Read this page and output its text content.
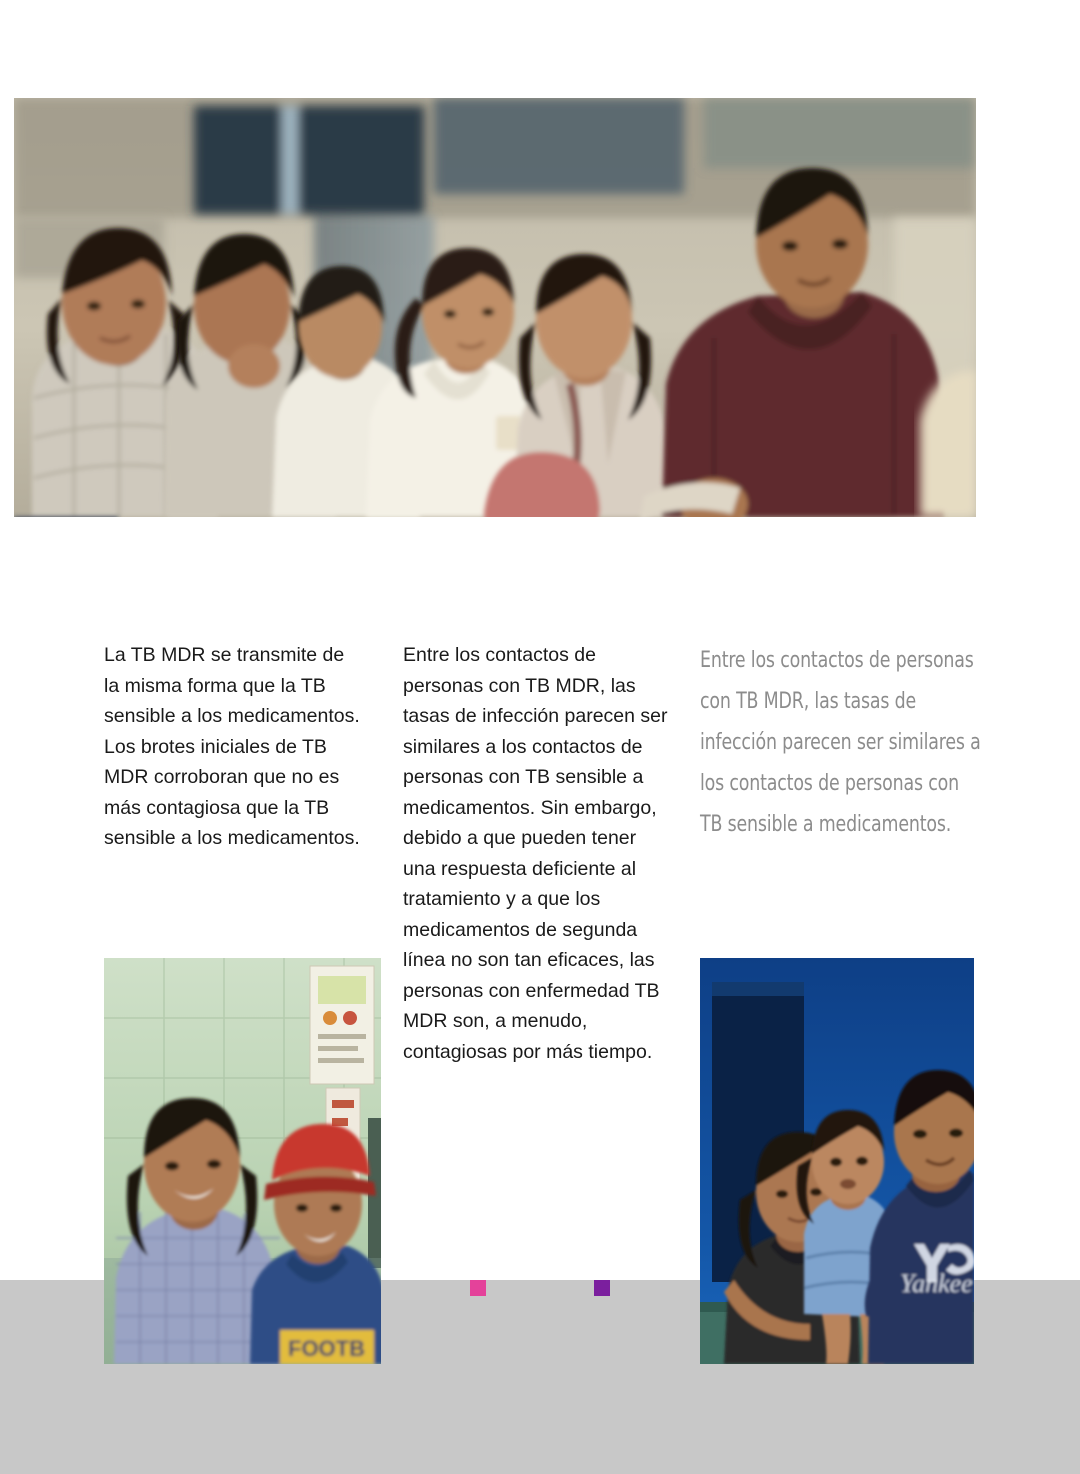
La TB MDR se transmite de la misma forma que la TB sensible a los medicamentos. Los brotes iniciales de TB MDR corroboran que no es más contagiosa que la TB sensible a los medicamentos.

Entre los contactos de personas con TB MDR, las tasas de infección parecen ser similares a los contactos de personas con TB sensible a medicamentos. Sin embargo, debido a que pueden tener una respuesta deficiente al tratamiento y a que los medicamentos de segunda línea no son tan eficaces, las personas con enfermedad TB MDR son, a menudo, contagiosas por más tiempo.

Entre los contactos de personas con TB MDR, las tasas de infección parecen ser similares a los contactos de personas con TB sensible a medicamentos.

FOOTB
Yankee
